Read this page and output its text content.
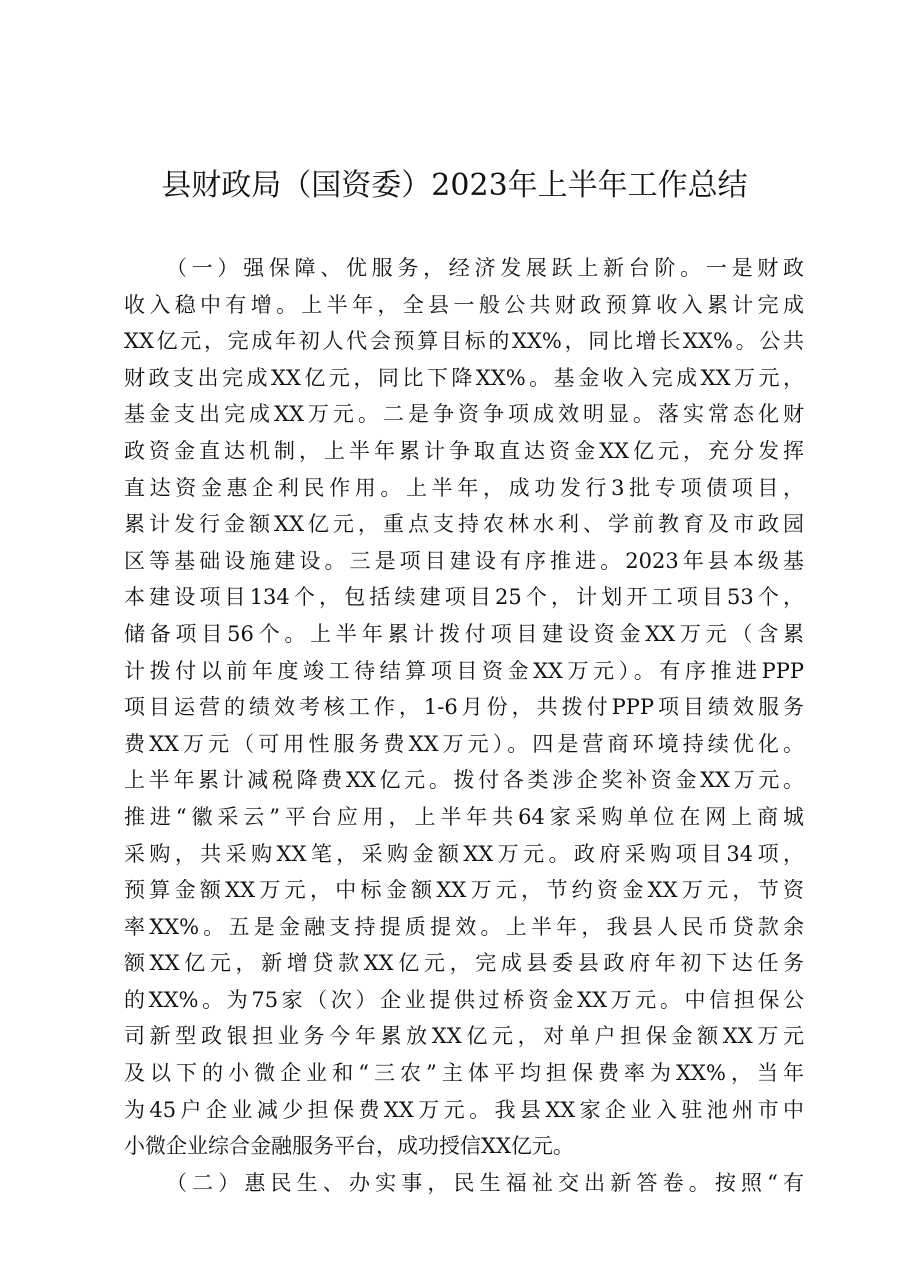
县财政局（国资委）2023年上半年工作总结
（一）强保障、优服务，经济发展跃上新台阶。一是财政
收入稳中有增。上半年，全县一般公共财政预算收入累计完成
XX亿元，完成年初人代会预算目标的XX%，同比增长XX%。公共
财政支出完成XX亿元，同比下降XX%。基金收入完成XX万元，
基金支出完成XX万元。二是争资争项成效明显。落实常态化财
政资金直达机制，上半年累计争取直达资金XX亿元，充分发挥
直达资金惠企利民作用。上半年，成功发行3批专项债项目，
累计发行金额XX亿元，重点支持农林水利、学前教育及市政园
区等基础设施建设。三是项目建设有序推进。2023年县本级基
本建设项目134个，包括续建项目25个，计划开工项目53个，
储备项目56个。上半年累计拨付项目建设资金XX万元（含累
计拨付以前年度竣工待结算项目资金XX万元）。有序推进PPP
项目运营的绩效考核工作，1-6月份，共拨付PPP项目绩效服务
费XX万元（可用性服务费XX万元）。四是营商环境持续优化。
上半年累计减税降费XX亿元。拨付各类涉企奖补资金XX万元。
推进“徽采云”平台应用，上半年共64家采购单位在网上商城
采购，共采购XX笔，采购金额XX万元。政府采购项目34项，
预算金额XX万元，中标金额XX万元，节约资金XX万元，节资
率XX%。五是金融支持提质提效。上半年，我县人民币贷款余
额XX亿元，新增贷款XX亿元，完成县委县政府年初下达任务
的XX%。为75家（次）企业提供过桥资金XX万元。中信担保公
司新型政银担业务今年累放XX亿元，对单户担保金额XX万元
及以下的小微企业和“三农”主体平均担保费率为XX%，当年
为45户企业减少担保费XX万元。我县XX家企业入驻池州市中
小微企业综合金融服务平台，成功授信XX亿元。
（二）惠民生、办实事，民生福祉交出新答卷。按照“有
